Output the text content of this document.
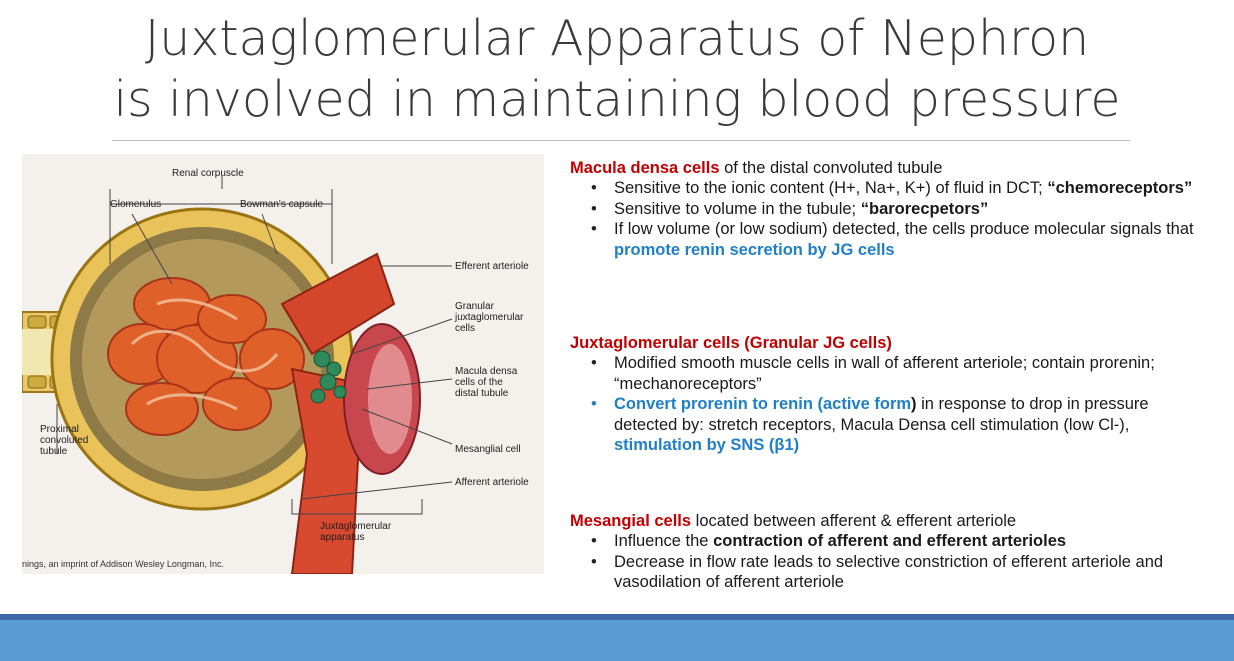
Juxtaglomerular Apparatus of Nephron
is involved in maintaining blood pressure
Renal corpuscle
Glomerulus	Bowman's capsule
Efferent arteriole
Granular juxtaglomerular cells
Macula densa cells of the distal tubule
Mesanglial cell
Afferent arteriole
Proximal convoluted tubule
Juxtaglomerular apparatus
nings, an imprint of Addison Wesley Longman, Inc.
Macula densa cells of the distal convoluted tubule
• Sensitive to the ionic content (H+, Na+, K+) of fluid in DCT; “chemoreceptors”
• Sensitive to volume in the tubule; “barorecpetors”
• If low volume (or low sodium) detected, the cells produce molecular signals that promote renin secretion by JG cells
Juxtaglomerular cells (Granular JG cells)
• Modified smooth muscle cells in wall of afferent arteriole; contain prorenin; “mechanoreceptors”
• Convert prorenin to renin (active form) in response to drop in pressure detected by: stretch receptors, Macula Densa cell stimulation (low Cl-), stimulation by SNS (β1)
Mesangial cells located between afferent & efferent arteriole
• Influence the contraction of afferent and efferent arterioles
• Decrease in flow rate leads to selective constriction of efferent arteriole and vasodilation of afferent arteriole
